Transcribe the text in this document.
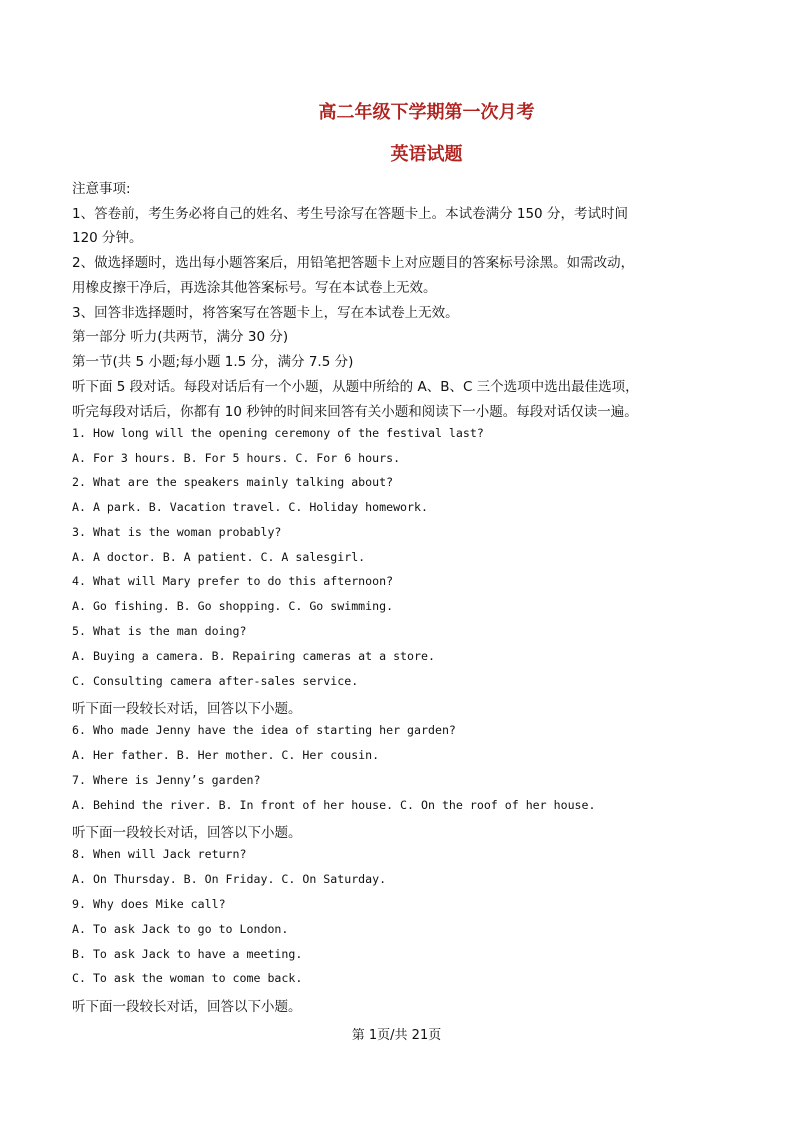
高二年级下学期第一次月考
英语试题
注意事项:
1、答卷前，考生务必将自己的姓名、考生号涂写在答题卡上。本试卷满分 150 分，考试时间
120 分钟。
2、做选择题时，选出每小题答案后，用铅笔把答题卡上对应题目的答案标号涂黑。如需改动，
用橡皮擦干净后，再选涂其他答案标号。写在本试卷上无效。
3、回答非选择题时，将答案写在答题卡上，写在本试卷上无效。
第一部分 听力(共两节，满分 30 分)
第一节(共 5 小题;每小题 1.5 分，满分 7.5 分)
听下面 5 段对话。每段对话后有一个小题，从题中所给的 A、B、C 三个选项中选出最佳选项，
听完每段对话后，你都有 10 秒钟的时间来回答有关小题和阅读下一小题。每段对话仅读一遍。
1. How long will the opening ceremony of the festival last?
A. For 3 hours. B. For 5 hours. C. For 6 hours.
2. What are the speakers mainly talking about?
A. A park. B. Vacation travel. C. Holiday homework.
3. What is the woman probably?
A. A doctor. B. A patient. C. A salesgirl.
4. What will Mary prefer to do this afternoon?
A. Go fishing. B. Go shopping. C. Go swimming.
5. What is the man doing?
A. Buying a camera. B. Repairing cameras at a store.
C. Consulting camera after-sales service.
听下面一段较长对话，回答以下小题。
6. Who made Jenny have the idea of starting her garden?
A. Her father. B. Her mother. C. Her cousin.
7. Where is Jenny’s garden?
A. Behind the river. B. In front of her house. C. On the roof of her house.
听下面一段较长对话，回答以下小题。
8. When will Jack return?
A. On Thursday. B. On Friday. C. On Saturday.
9. Why does Mike call?
A. To ask Jack to go to London.
B. To ask Jack to have a meeting.
C. To ask the woman to come back.
听下面一段较长对话，回答以下小题。
第 1页/共 21页
